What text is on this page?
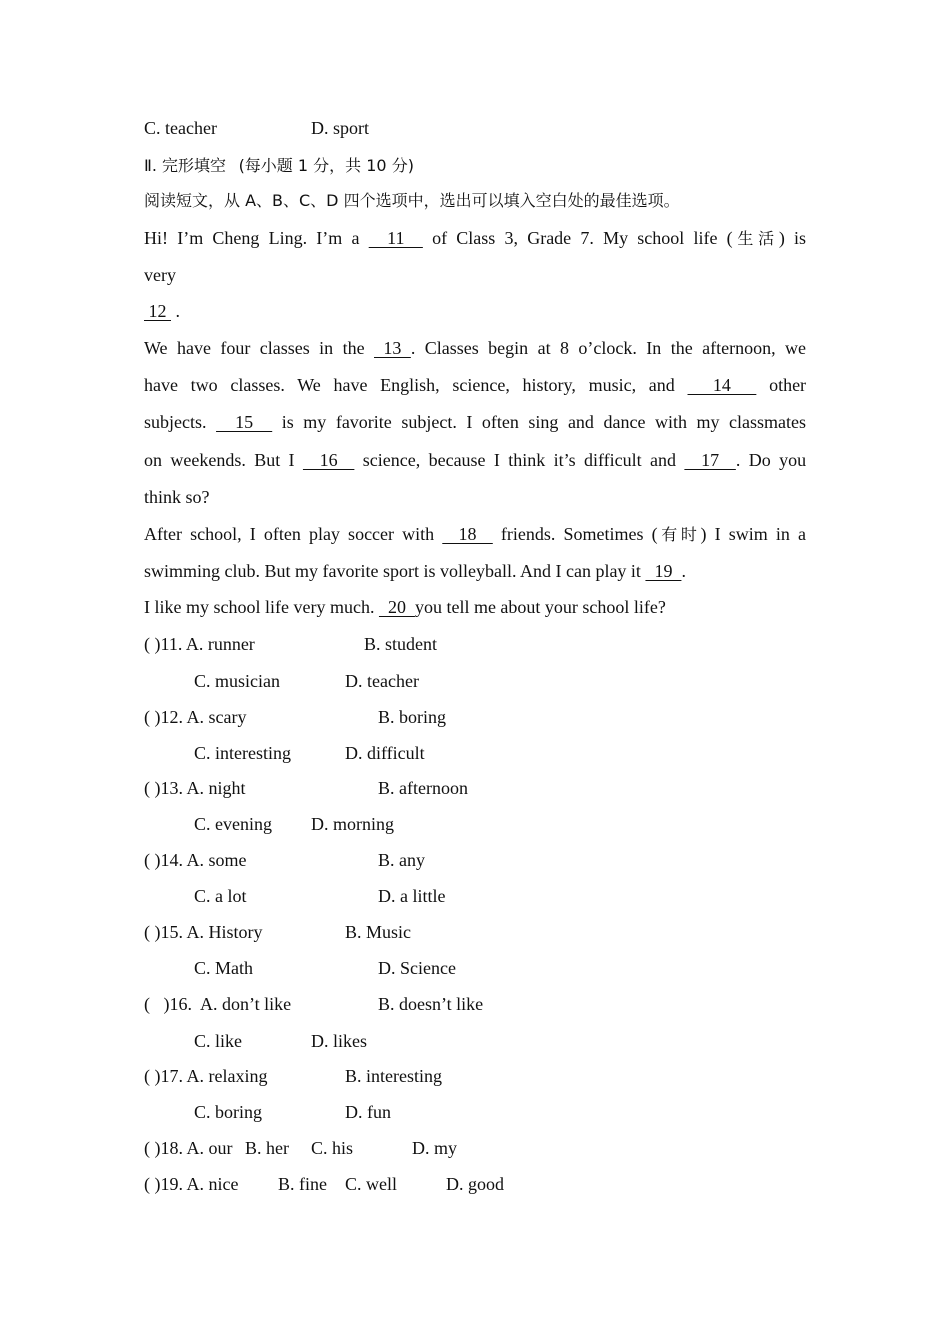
C. teacher	D. sport
Ⅱ. 完形填空 (每小题 1 分，共 10 分)
阅读短文，从 A、B、C、D 四个选项中，选出可以填入空白处的最佳选项。
Hi! I’m Cheng Ling. I’m a   11   of Class 3, Grade 7. My school life (生活) is
very
12  .
We have four classes in the  13 . Classes begin at 8 o’clock. In the afternoon, we
have two classes. We have English, science, history, music, and   14   other
subjects.   15   is my favorite subject. I often sing and dance with my classmates
on weekends. But I   16   science, because I think it’s difficult and   17  . Do you
think so?
After school, I often play soccer with   18   friends. Sometimes (有时) I swim in a
swimming club. But my favorite sport is volleyball. And I can play it   19  .
I like my school life very much.   20  you tell me about your school life?
( )11. A. runner	B. student
C. musician	D. teacher
( )12. A. scary	B. boring
C. interesting	D. difficult
( )13. A. night	B. afternoon
C. evening D. morning
( )14. A. some	B. any
C. a lot	D. a little
( )15. A. History	B. Music
C. Math	D. Science
(   )16.  A. don’t like	B. doesn’t like
C. like	D. likes
( )17. A. relaxing	B. interesting
C. boring	D. fun
( )18. A. our B. her C. his	D. my
( )19. A. nice B. fine C. well	D. good
